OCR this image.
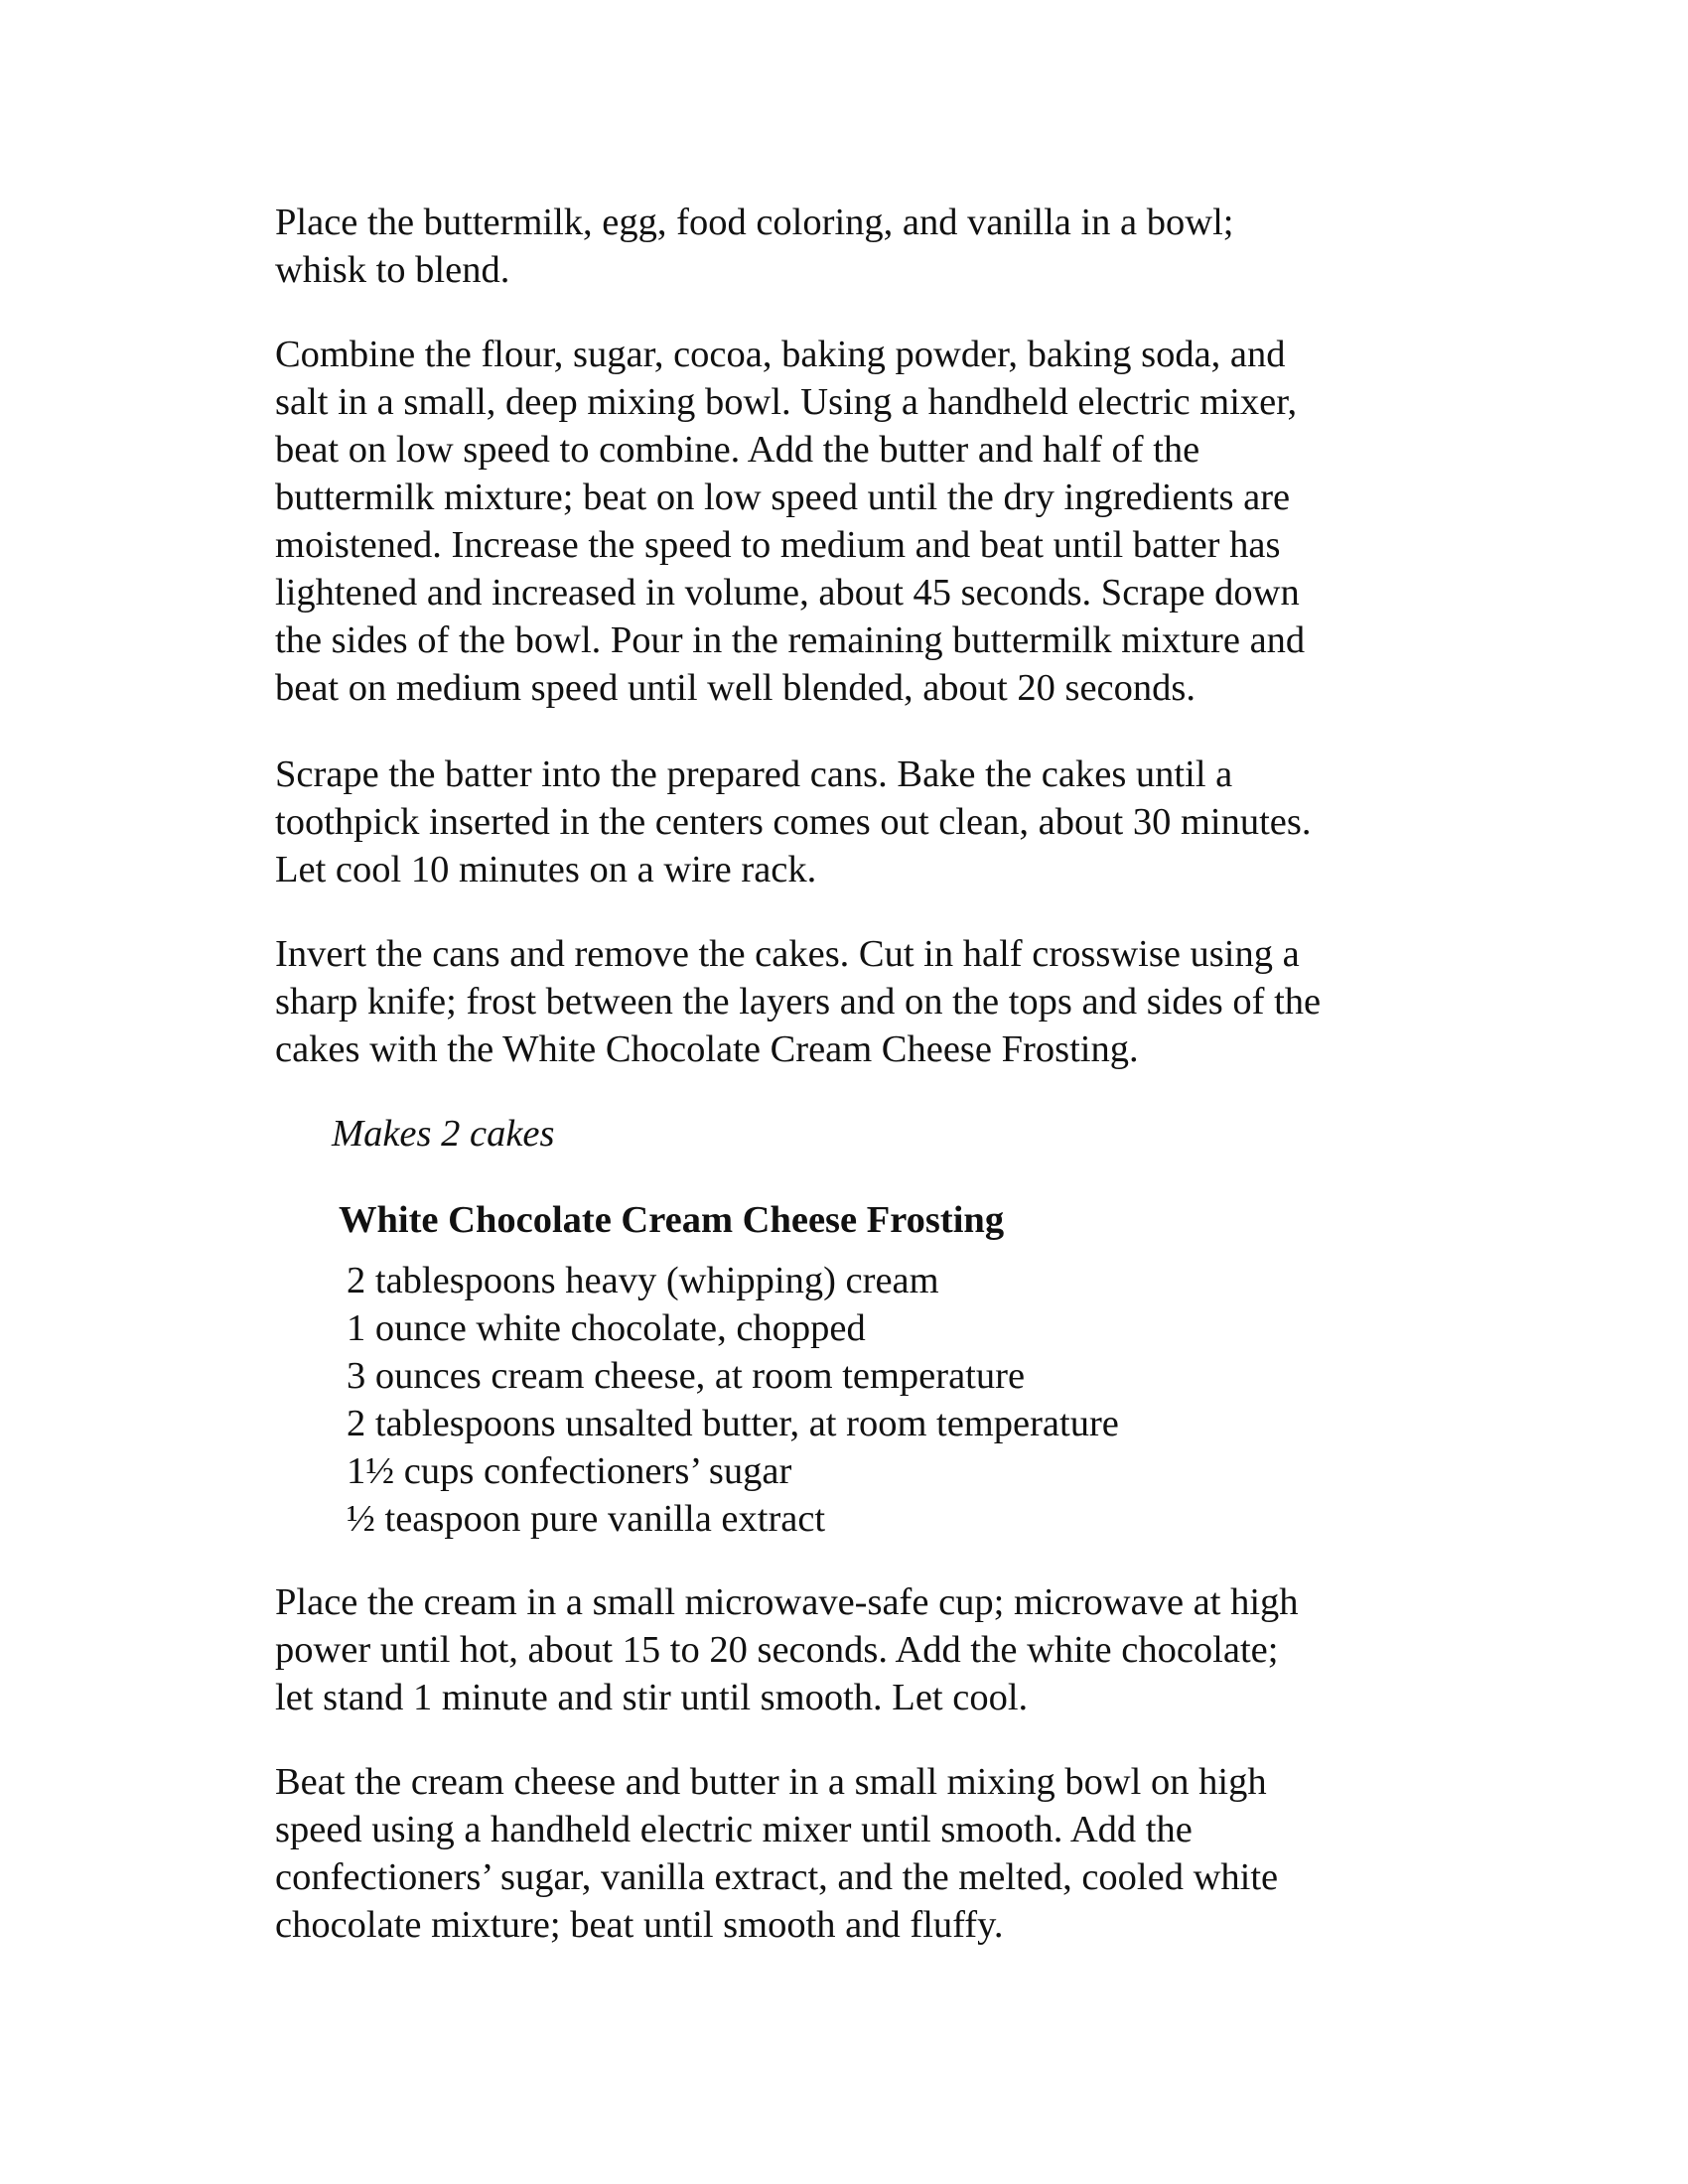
Place the buttermilk, egg, food coloring, and vanilla in a bowl;
whisk to blend.

Combine the flour, sugar, cocoa, baking powder, baking soda, and
salt in a small, deep mixing bowl. Using a handheld electric mixer,
beat on low speed to combine. Add the butter and half of the
buttermilk mixture; beat on low speed until the dry ingredients are
moistened. Increase the speed to medium and beat until batter has
lightened and increased in volume, about 45 seconds. Scrape down
the sides of the bowl. Pour in the remaining buttermilk mixture and
beat on medium speed until well blended, about 20 seconds.

Scrape the batter into the prepared cans. Bake the cakes until a
toothpick inserted in the centers comes out clean, about 30 minutes.
Let cool 10 minutes on a wire rack.

Invert the cans and remove the cakes. Cut in half crosswise using a
sharp knife; frost between the layers and on the tops and sides of the
cakes with the White Chocolate Cream Cheese Frosting.

Makes 2 cakes

White Chocolate Cream Cheese Frosting

2 tablespoons heavy (whipping) cream
1 ounce white chocolate, chopped
3 ounces cream cheese, at room temperature
2 tablespoons unsalted butter, at room temperature
1½ cups confectioners’ sugar
½ teaspoon pure vanilla extract

Place the cream in a small microwave-safe cup; microwave at high
power until hot, about 15 to 20 seconds. Add the white chocolate;
let stand 1 minute and stir until smooth. Let cool.

Beat the cream cheese and butter in a small mixing bowl on high
speed using a handheld electric mixer until smooth. Add the
confectioners’ sugar, vanilla extract, and the melted, cooled white
chocolate mixture; beat until smooth and fluffy.
